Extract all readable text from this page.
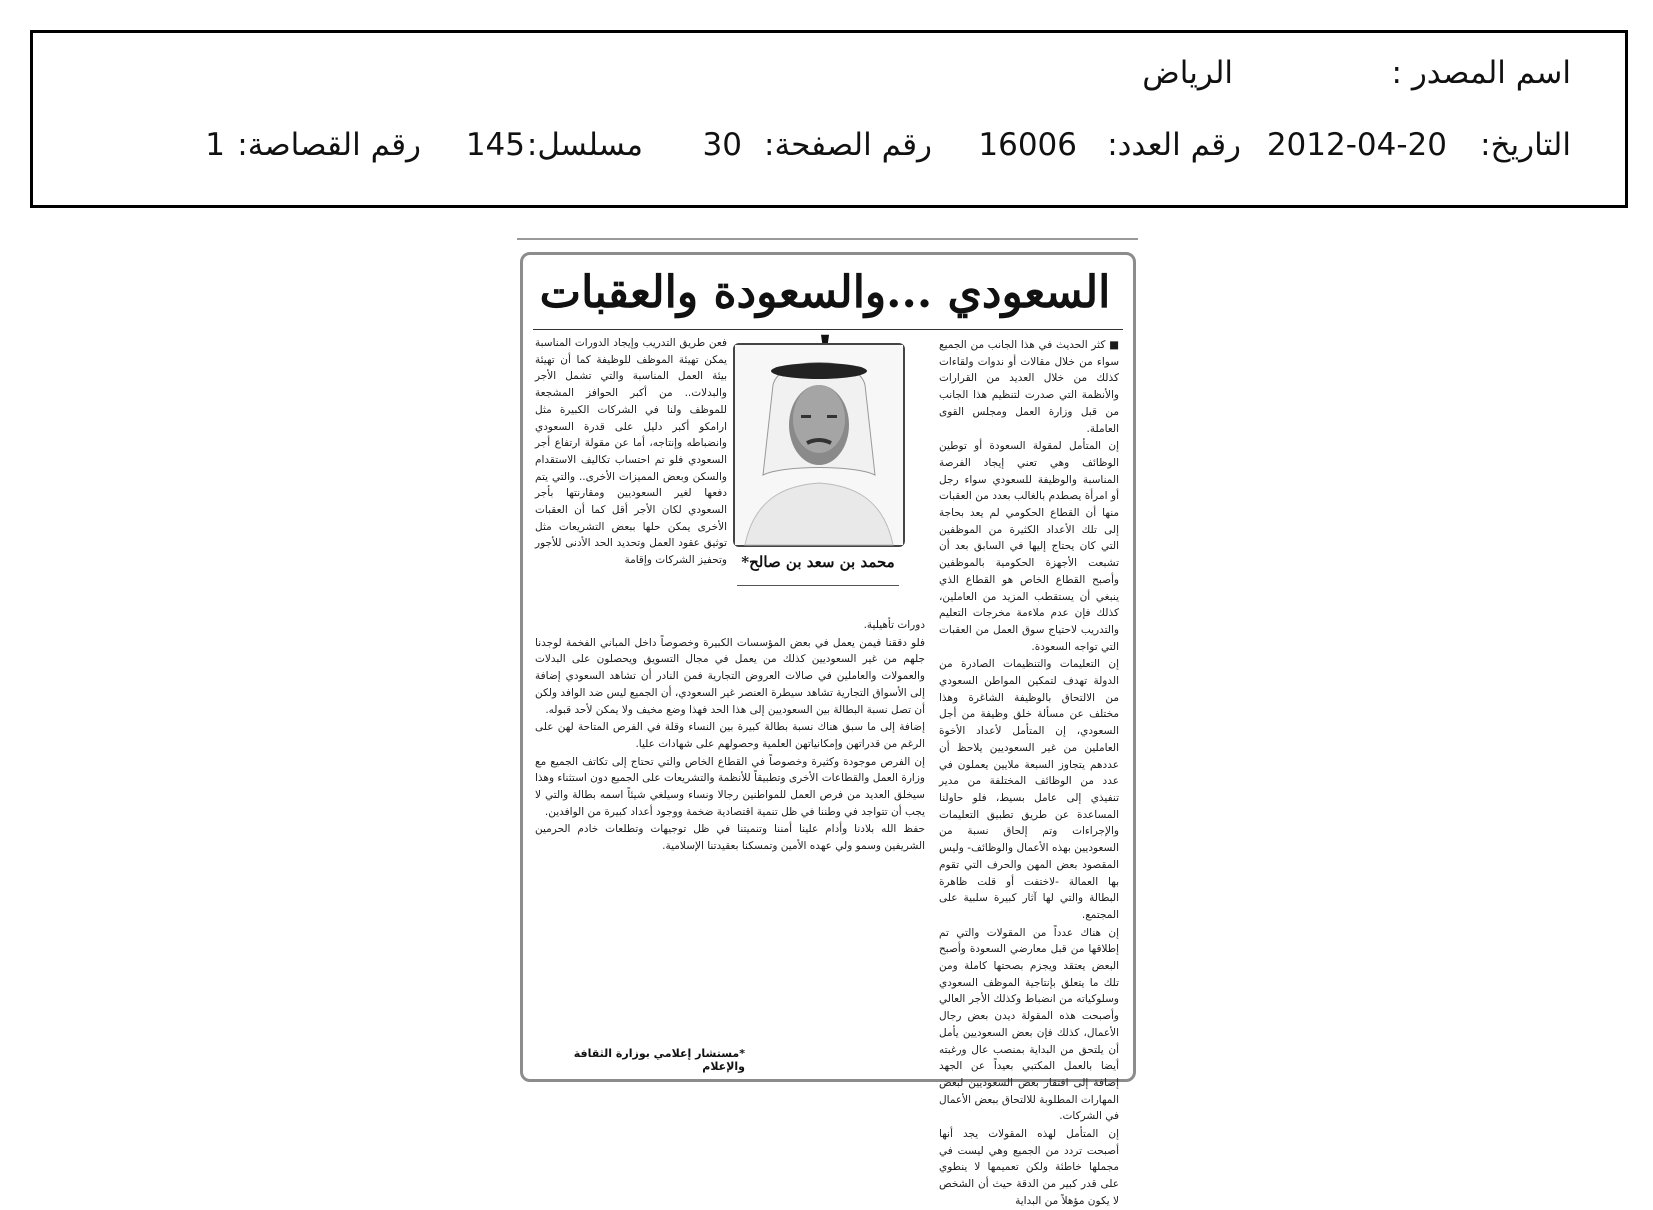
اسم المصدر :
الرياض
التاريخ:
2012-04-20
رقم العدد:
16006
رقم الصفحة:
30
مسلسل:
145
رقم القصاصة:
1
السعودي ...والسعودة والعقبات

■ كثر الحديث في هذا الجانب من الجميع سواء من خلال مقالات أو ندوات ولقاءات كذلك من خلال العديد من القرارات والأنظمة التي صدرت لتنظيم هذا الجانب من قبل وزارة العمل ومجلس القوى العاملة.

إن المتأمل لمقولة السعودة أو توطين الوظائف وهي تعني إيجاد الفرصة المناسبة والوظيفة للسعودي سواء رجل أو امرأة يصطدم بالغالب بعدد من العقبات منها أن القطاع الحكومي لم يعد بحاجة إلى تلك الأعداد الكثيرة من الموظفين التي كان يحتاج إليها في السابق بعد أن تشبعت الأجهزة الحكومية بالموظفين وأصبح القطاع الخاص هو القطاع الذي ينبغي أن يستقطب المزيد من العاملين، كذلك فإن عدم ملاءمة مخرجات التعليم والتدريب لاحتياج سوق العمل من العقبات التي تواجه السعودة.

إن التعليمات والتنظيمات الصادرة من الدولة تهدف لتمكين المواطن السعودي من الالتحاق بالوظيفة الشاغرة وهذا مختلف عن مسألة خلق وظيفة من أجل السعودي، إن المتأمل لأعداد الأخوة العاملين من غير السعوديين يلاحظ أن عددهم يتجاوز السبعة ملايين يعملون في عدد من الوظائف المختلفة من مدير تنفيذي إلى عامل بسيط، فلو حاولنا المساعدة عن طريق تطبيق التعليمات والإجراءات وتم إلحاق نسبة من السعوديين بهذه الأعمال والوظائف- وليس المقصود بعض المهن والحرف التي تقوم بها العمالة -لاختفت أو قلت ظاهرة البطالة والتي لها آثار كبيرة سلبية على المجتمع.

إن هناك عدداً من المقولات والتي تم إطلاقها من قبل معارضي السعودة وأصبح البعض يعتقد ويجزم بصحتها كاملة ومن تلك ما يتعلق بإنتاجية الموظف السعودي وسلوكياته من انضباط وكذلك الأجر العالي وأصبحت هذه المقولة ديدن بعض رجال الأعمال، كذلك فإن بعض السعوديين يأمل أن يلتحق من البداية بمنصب عال ورغبته أيضا بالعمل المكتبي بعيداً عن الجهد إضافة إلى افتقار بعض السعوديين لبعض المهارات المطلوبة للالتحاق ببعض الأعمال في الشركات.

إن المتأمل لهذه المقولات يجد أنها أصبحت تردد من الجميع وهي ليست في مجملها خاطئة ولكن تعميمها لا ينطوي على قدر كبير من الدقة حيث أن الشخص لا يكون مؤهلاً من البداية

محمد بن سعد بن صالح*

فعن طريق التدريب وإيجاد الدورات المناسبة يمكن تهيئة الموظف للوظيفة كما أن تهيئة بيئة العمل المناسبة والتي تشمل الأجر والبدلات.. من أكبر الحوافز المشجعة للموظف ولنا في الشركات الكبيرة مثل ارامكو أكبر دليل على قدرة السعودي وانضباطه وإنتاجه، أما عن مقولة ارتفاع أجر السعودي فلو تم احتساب تكاليف الاستقدام والسكن وبعض المميزات الأخرى.. والتي يتم دفعها لغير السعوديين ومقارنتها بأجر السعودي لكان الأجر أقل كما أن العقبات الأخرى يمكن حلها ببعض التشريعات مثل توثيق عقود العمل وتحديد الحد الأدنى للأجور وتحفيز الشركات وإقامة

دورات تأهيلية.

فلو دققنا فيمن يعمل في بعض المؤسسات الكبيرة وخصوصاً داخل المباني الفخمة لوجدنا جلهم من غير السعوديين كذلك من يعمل في مجال التسويق ويحصلون على البدلات والعمولات والعاملين في صالات العروض التجارية فمن النادر أن تشاهد السعودي إضافة إلى الأسواق التجارية تشاهد سيطرة العنصر غير السعودي، أن الجميع ليس ضد الوافد ولكن أن تصل نسبة البطالة بين السعوديين إلى هذا الحد فهذا وضع مخيف ولا يمكن لأحد قبوله.

إضافة إلى ما سبق هناك نسبة بطالة كبيرة بين النساء وقلة في الفرص المتاحة لهن على الرغم من قدراتهن وإمكانياتهن العلمية وحصولهم على شهادات عليا.

إن الفرص موجودة وكثيرة وخصوصاً في القطاع الخاص والتي تحتاج إلى تكاتف الجميع مع وزارة العمل والقطاعات الأخرى وتطبيقاً للأنظمة والتشريعات على الجميع دون استثناء وهذا سيخلق العديد من فرص العمل للمواطنين رجالا ونساء وسيلغي شيئاً اسمه بطالة والتي لا يجب أن تتواجد في وطننا في ظل تنمية اقتصادية ضخمة ووجود أعداد كبيرة من الوافدين.

حفظ الله بلادنا وأدام علينا أمننا وتنميتنا في ظل توجيهات وتطلعات خادم الحرمين الشريفين وسمو ولي عهده الأمين وتمسكنا بعقيدتنا الإسلامية.

*مستشار إعلامي بوزارة الثقافة والإعلام
